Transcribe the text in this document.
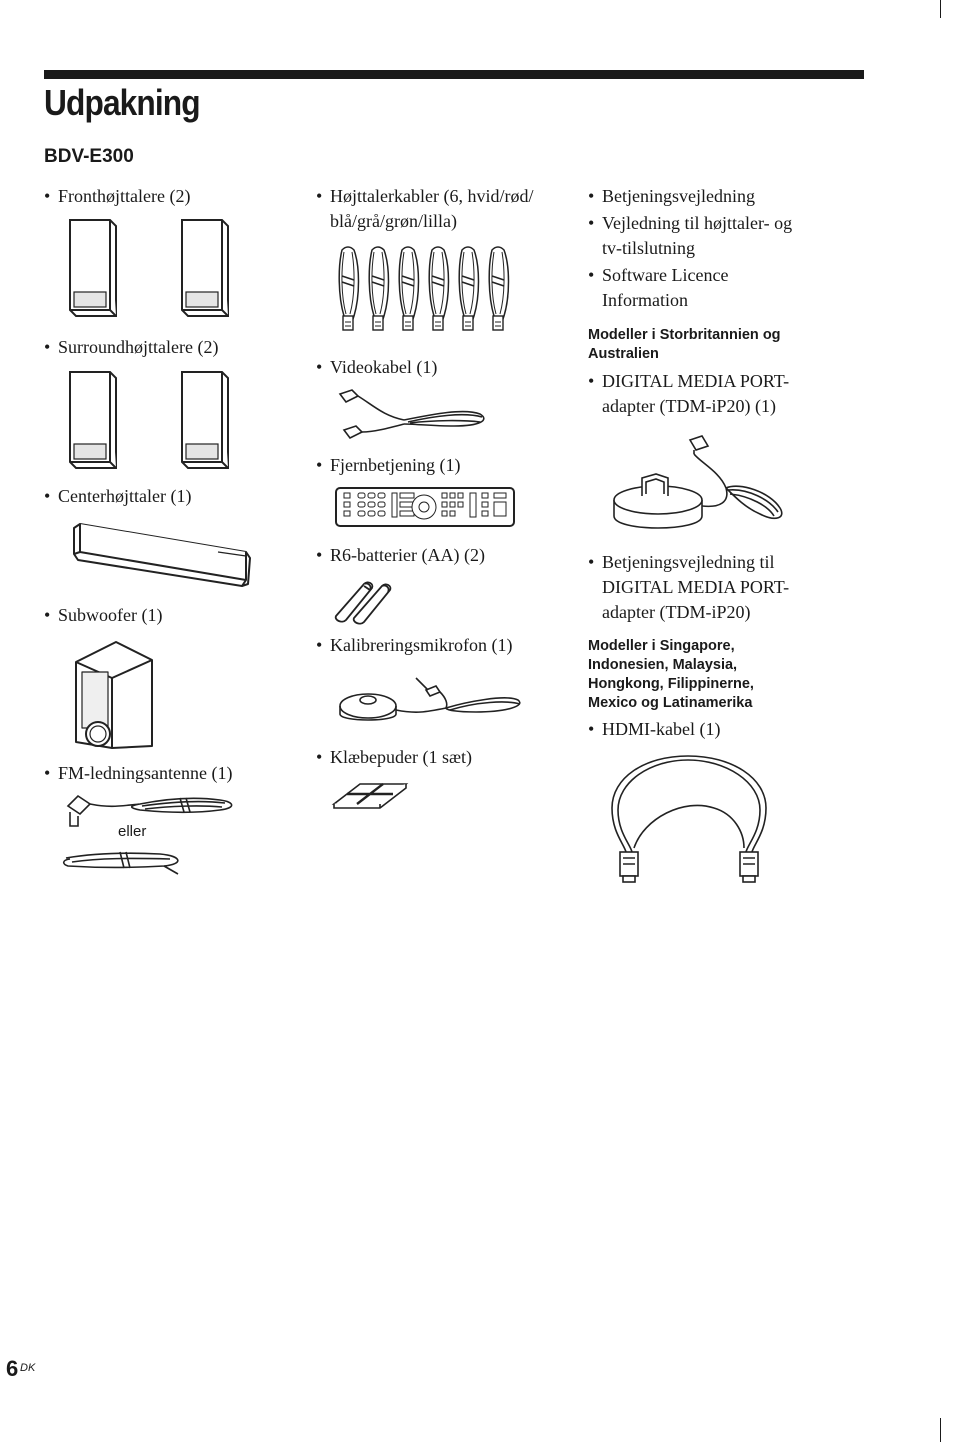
Udpakning
BDV-E300
• Fronthøjttalere (2)
• Surroundhøjttalere (2)
• Centerhøjttaler (1)
• Subwoofer (1)
• FM-ledningsantenne (1)
eller
• Højttalerkabler (6, hvid/rød/
blå/grå/grøn/lilla)
• Videokabel (1)
• Fjernbetjening (1)
• R6-batterier (AA) (2)
• Kalibreringsmikrofon (1)
• Klæbepuder (1 sæt)
• Betjeningsvejledning
• Vejledning til højttaler- og
tv-tilslutning
• Software Licence
Information
Modeller i Storbritannien og
Australien
• DIGITAL MEDIA PORT-
adapter (TDM-iP20) (1)
• Betjeningsvejledning til
DIGITAL MEDIA PORT-
adapter (TDM-iP20)
Modeller i Singapore,
Indonesien, Malaysia,
Hongkong, Filippinerne,
Mexico og Latinamerika
• HDMI-kabel (1)
6 DK
